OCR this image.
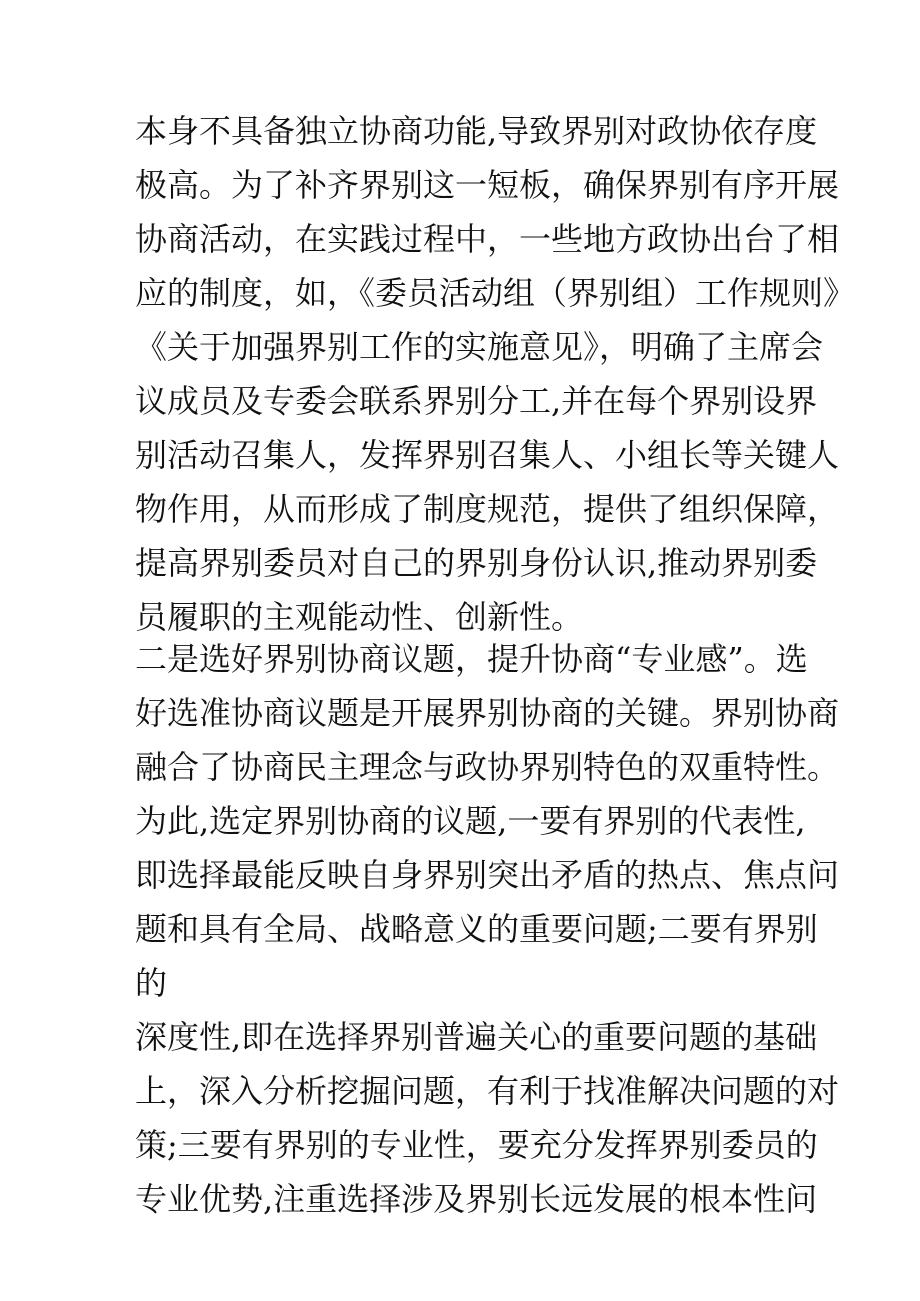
本身不具备独立协商功能,导致界别对政协依存度
极高。为了补齐界别这一短板，确保界别有序开展
协商活动，在实践过程中，一些地方政协出台了相
应的制度，如，《委员活动组（界别组）工作规则》
《关于加强界别工作的实施意见》，明确了主席会
议成员及专委会联系界别分工,并在每个界别设界
别活动召集人，发挥界别召集人、小组长等关键人
物作用，从而形成了制度规范，提供了组织保障，
提高界别委员对自己的界别身份认识,推动界别委
员履职的主观能动性、创新性。
二是选好界别协商议题，提升协商“专业感”。选
好选准协商议题是开展界别协商的关键。界别协商
融合了协商民主理念与政协界别特色的双重特性。
为此,选定界别协商的议题,一要有界别的代表性,
即选择最能反映自身界别突出矛盾的热点、焦点问
题和具有全局、战略意义的重要问题;二要有界别
的
深度性,即在选择界别普遍关心的重要问题的基础
上，深入分析挖掘问题，有利于找准解决问题的对
策;三要有界别的专业性，要充分发挥界别委员的
专业优势,注重选择涉及界别长远发展的根本性问
